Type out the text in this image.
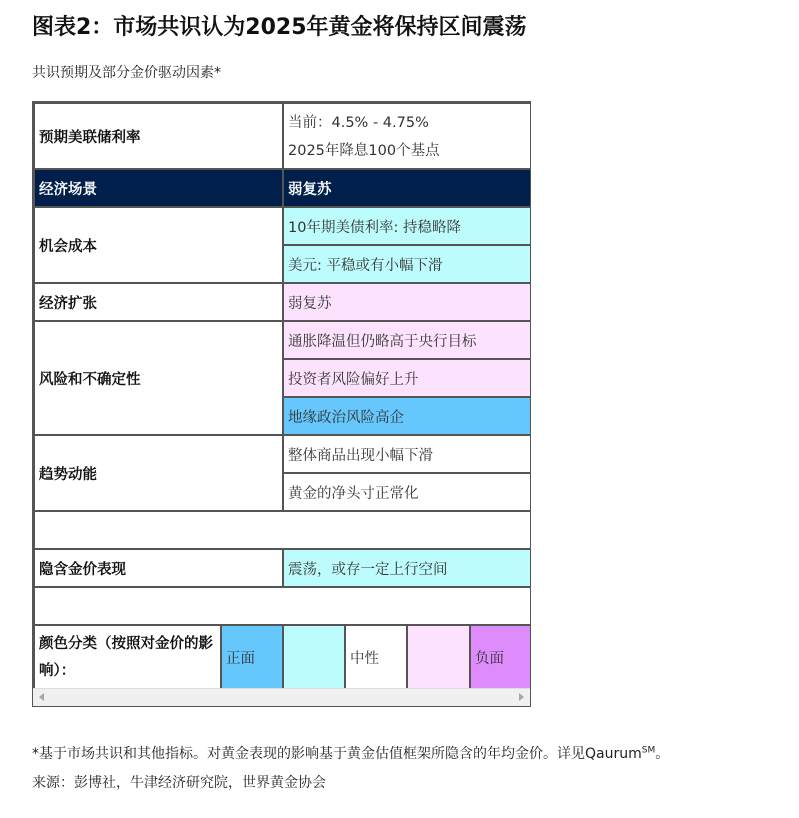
图表2：市场共识认为2025年黄金将保持区间震荡
共识预期及部分金价驱动因素*
预期美联储利率		当前：4.5% - 4.75%
2025年降息100个基点			

经济场景		弱复苏			
机会成本		10年期美债利率: 持稳略降			
		美元: 平稳或有小幅下滑			
经济扩张		弱复苏			
风险和不确定性		通胀降温但仍略高于央行目标			
		投资者风险偏好上升			
		地缘政治风险高企			
趋势动能		整体商品出现小幅下滑			
		黄金的净头寸正常化			

隐含金价表现		震荡，或存一定上行空间			

颜色分类（按照对金价的影响）：	正面		中性		负面
*基于市场共识和其他指标。对黄金表现的影响基于黄金估值框架所隐含的年均金价。详见Qaurum℠。
来源：彭博社，牛津经济研究院，世界黄金协会
